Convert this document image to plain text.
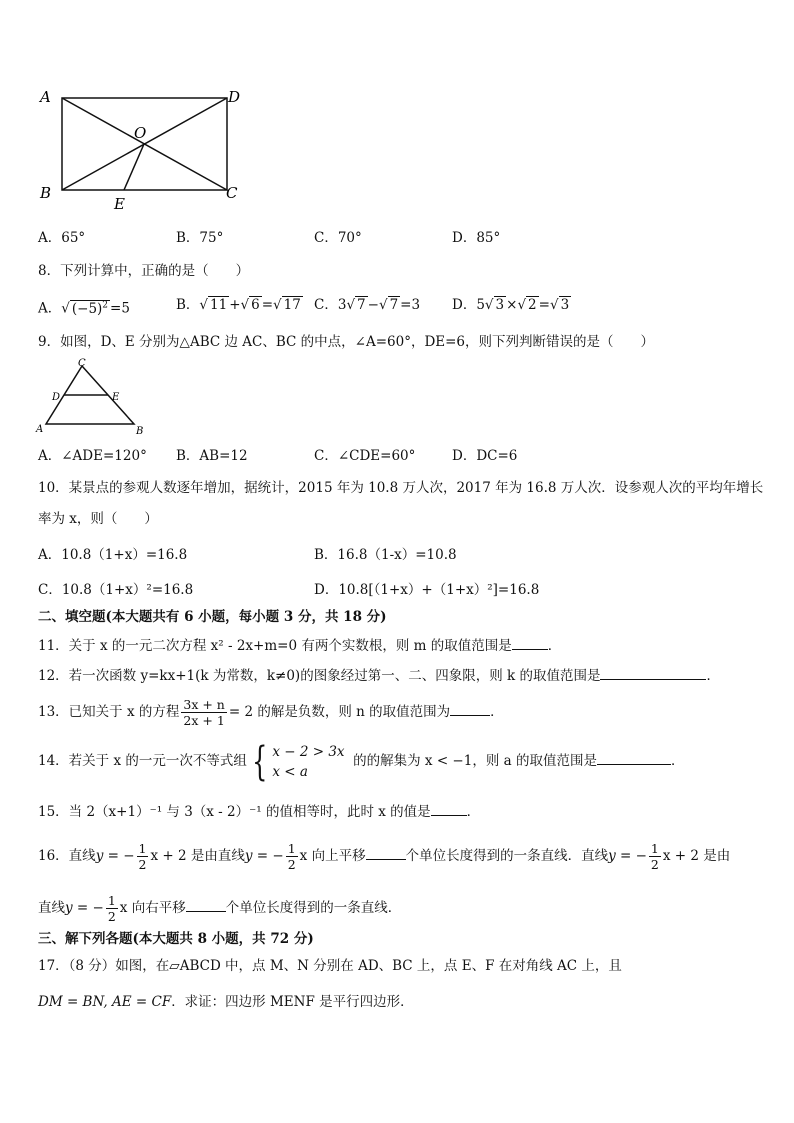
A	D
O
B	C
E
A．65°	B．75°	C．70°	D．85°
8．下列计算中，正确的是（　　）
A．√ $(-5)^2 =5$	B．√ 11 +√ 6 =√ 17 C．3√ 7 −√ 7 =3 D．5√ 3 ×√ 2 =√ 3
9．如图，D、E 分别为△ABC 边 AC、BC 的中点，∠A=60°，DE=6，则下列判断错误的是（　　）
C
D	E
A	B
A．∠ADE=120° B．AB=12	C．∠CDE=60°	D．DC=6
10．某景点的参观人数逐年增加，据统计，2015 年为 10.8 万人次，2017 年为 16.8 万人次．设参观人次的平均年增长
率为 x，则（　　）
A．10.8（1+x）=16.8	B．16.8（1-x）=10.8
C．10.8（1+x）²=16.8	D．10.8[（1+x）+（1+x）²]=16.8
二、填空题(本大题共有 6 小题，每小题 3 分，共 18 分)
11．关于 x 的一元二次方程 x² - 2x+m=0 有两个实数根，则 m 的取值范围是	．
12．若一次函数 y=kx+1(k 为常数，k≠0)的图象经过第一、二、四象限，则 k 的取值范围是	．
13．已知关于 x 的方程 $\frac{3x + n}{2x + 1} = 2$ 的解是负数，则 n 的取值范围为	．
14．若关于 x 的一元一次不等式组 { x − 2 > 3x
x < a  的的解集为 x < −1，则 a 的取值范围是	．
15．当 2（x+1）⁻¹ 与 3（x - 2）⁻¹ 的值相等时，此时 x 的值是	．
16．直线y = − $\frac{1}{2}$ x + 2 是由直线y = − $\frac{1}{2}$ x 向上平移	个单位长度得到的一条直线．直线y = − $\frac{1}{2}$ x + 2 是由
直线y = − $\frac{1}{2}$ x 向右平移	个单位长度得到的一条直线．
三、解下列各题(本大题共 8 小题，共 72 分)
17．（8 分）如图，在▱ABCD 中，点 M、N 分别在 AD、BC 上，点 E、F 在对角线 AC 上，且
DM = BN, AE = CF．求证：四边形 MENF 是平行四边形．
